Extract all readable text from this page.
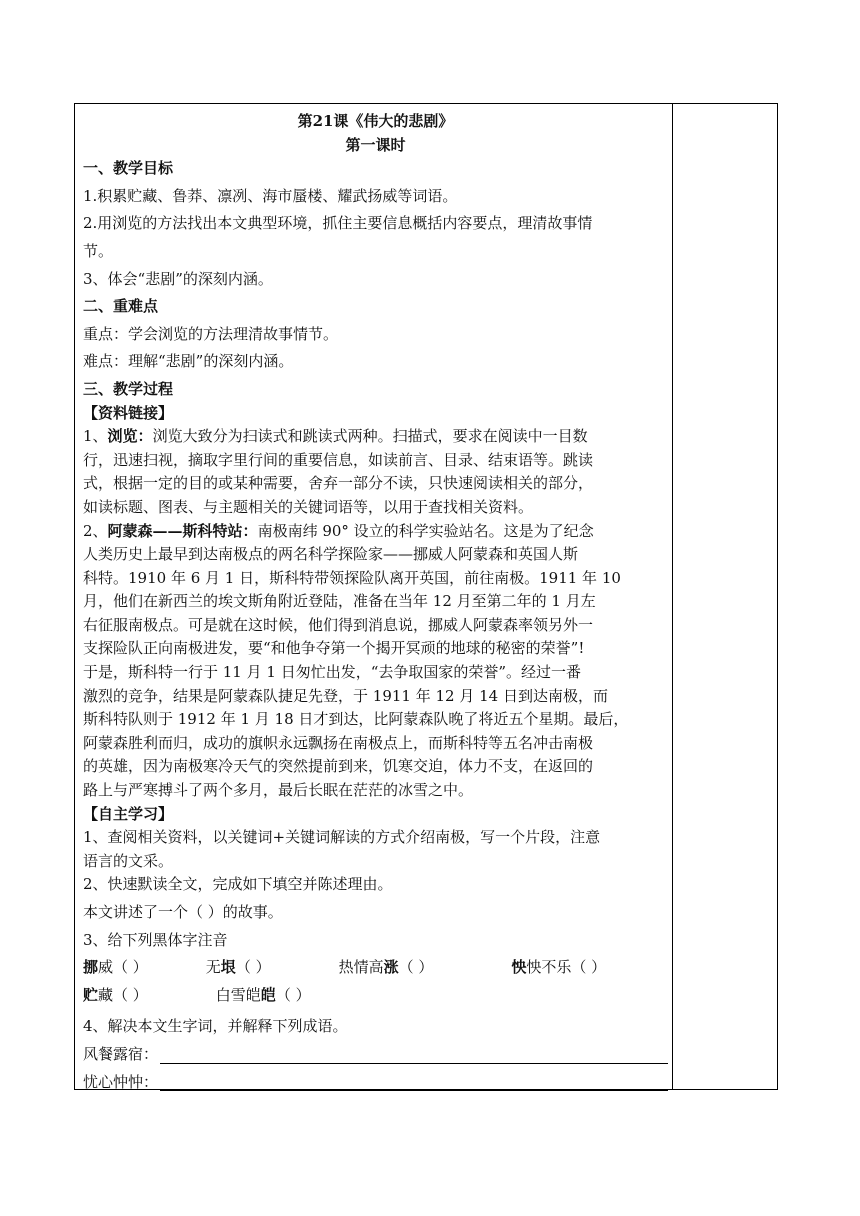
第21课《伟大的悲剧》
第一课时
一、教学目标
1.积累贮藏、鲁莽、凛冽、海市蜃楼、耀武扬威等词语。
2.用浏览的方法找出本文典型环境，抓住主要信息概括内容要点，理清故事情
节。
3、体会“悲剧”的深刻内涵。
二、重难点
重点：学会浏览的方法理清故事情节。
难点：理解“悲剧”的深刻内涵。
三、教学过程
【资料链接】
1、浏览：浏览大致分为扫读式和跳读式两种。扫描式，要求在阅读中一目数
行，迅速扫视，摘取字里行间的重要信息，如读前言、目录、结束语等。跳读
式，根据一定的目的或某种需要，舍弃一部分不读，只快速阅读相关的部分，
如读标题、图表、与主题相关的关键词语等，以用于查找相关资料。
2、阿蒙森——斯科特站：南极南纬 90° 设立的科学实验站名。这是为了纪念
人类历史上最早到达南极点的两名科学探险家——挪威人阿蒙森和英国人斯
科特。1910 年 6 月 1 日，斯科特带领探险队离开英国，前往南极。1911 年 10
月，他们在新西兰的埃文斯角附近登陆，准备在当年 12 月至第二年的 1 月左
右征服南极点。可是就在这时候，他们得到消息说，挪威人阿蒙森率领另外一
支探险队正向南极进发，要“和他争夺第一个揭开冥顽的地球的秘密的荣誉”!
于是，斯科特一行于 11 月 1 日匆忙出发，“去争取国家的荣誉”。经过一番
激烈的竞争，结果是阿蒙森队捷足先登，于 1911 年 12 月 14 日到达南极，而
斯科特队则于 1912 年 1 月 18 日才到达，比阿蒙森队晚了将近五个星期。最后，
阿蒙森胜利而归，成功的旗帜永远飘扬在南极点上，而斯科特等五名冲击南极
的英雄，因为南极寒冷天气的突然提前到来，饥寒交迫，体力不支，在返回的
路上与严寒搏斗了两个多月，最后长眠在茫茫的冰雪之中。
【自主学习】
1、查阅相关资料，以关键词+关键词解读的方式介绍南极，写一个片段，注意
语言的文采。
2、快速默读全文，完成如下填空并陈述理由。
本文讲述了一个（ ）的故事。
3、给下列黑体字注音
挪威（ ）	无垠（ ）	热情高涨（ ）	怏怏不乐（ ）
贮藏（ ）	白雪皑皑（ ）
4、解决本文生字词，并解释下列成语。
风餐露宿：
忧心忡忡：
